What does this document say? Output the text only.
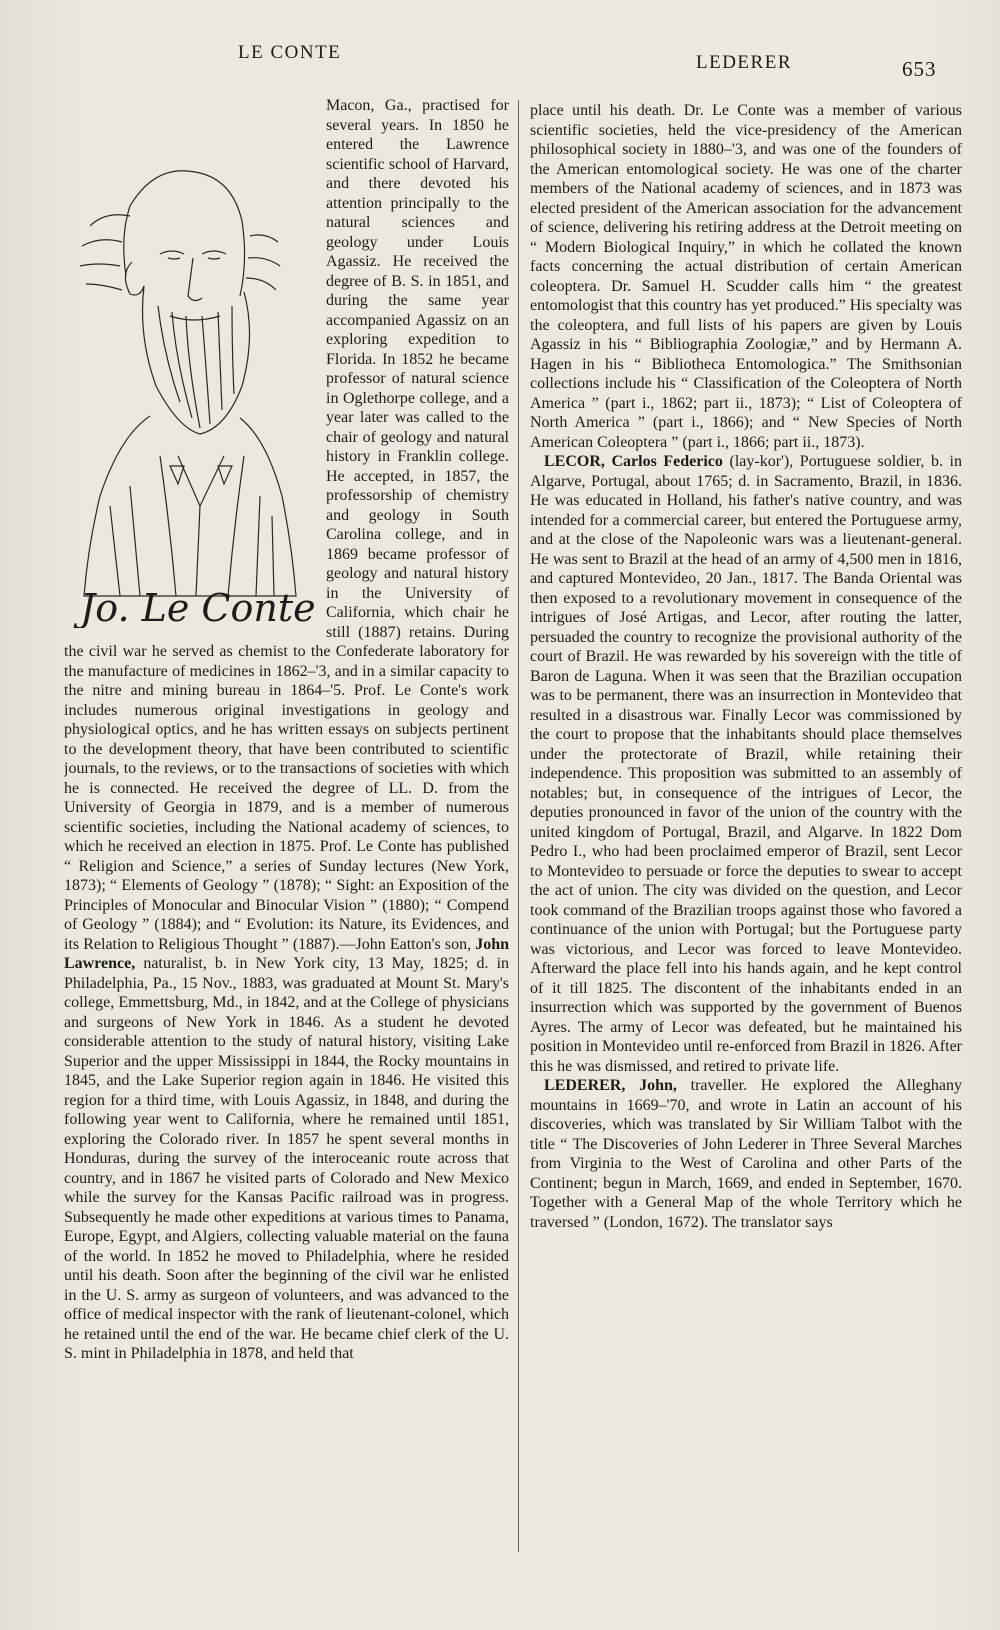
LE CONTE	LEDERER	653
Jo. Le Conte

Macon, Ga., practised for several years. In 1850 he entered the Lawrence scientific school of Harvard, and there devoted his attention principally to the natural sciences and geology under Louis Agassiz. He received the degree of B. S. in 1851, and during the same year accompanied Agassiz on an exploring expedition to Florida. In 1852 he became professor of natural science in Oglethorpe college, and a year later was called to the chair of geology and natural history in Franklin college. He accepted, in 1857, the professorship of chemistry and geology in South Carolina college, and in 1869 became professor of geology and natural history in the University of California, which chair he still (1887) retains. During the civil war he served as chemist to the Confederate laboratory for the manufacture of medicines in 1862–'3, and in a similar capacity to the nitre and mining bureau in 1864–'5. Prof. Le Conte's work includes numerous original investigations in geology and physiological optics, and he has written essays on subjects pertinent to the development theory, that have been contributed to scientific journals, to the reviews, or to the transactions of societies with which he is connected. He received the degree of LL. D. from the University of Georgia in 1879, and is a member of numerous scientific societies, including the National academy of sciences, to which he received an election in 1875. Prof. Le Conte has published “ Religion and Science,” a series of Sunday lectures (New York, 1873); “ Elements of Geology ” (1878); “ Sight: an Exposition of the Principles of Monocular and Binocular Vision ” (1880); “ Compend of Geology ” (1884); and “ Evolution: its Nature, its Evidences, and its Relation to Religious Thought ” (1887).—John Eatton's son, John Lawrence, naturalist, b. in New York city, 13 May, 1825; d. in Philadelphia, Pa., 15 Nov., 1883, was graduated at Mount St. Mary's college, Emmettsburg, Md., in 1842, and at the College of physicians and surgeons of New York in 1846. As a student he devoted considerable attention to the study of natural history, visiting Lake Superior and the upper Mississippi in 1844, the Rocky mountains in 1845, and the Lake Superior region again in 1846. He visited this region for a third time, with Louis Agassiz, in 1848, and during the following year went to California, where he remained until 1851, exploring the Colorado river. In 1857 he spent several months in Honduras, during the survey of the interoceanic route across that country, and in 1867 he visited parts of Colorado and New Mexico while the survey for the Kansas Pacific railroad was in progress. Subsequently he made other expeditions at various times to Panama, Europe, Egypt, and Algiers, collecting valuable material on the fauna of the world. In 1852 he moved to Philadelphia, where he resided until his death. Soon after the beginning of the civil war he enlisted in the U. S. army as surgeon of volunteers, and was advanced to the office of medical inspector with the rank of lieutenant-colonel, which he retained until the end of the war. He became chief clerk of the U. S. mint in Philadelphia in 1878, and held that

place until his death. Dr. Le Conte was a member of various scientific societies, held the vice-presidency of the American philosophical society in 1880–'3, and was one of the founders of the American entomological society. He was one of the charter members of the National academy of sciences, and in 1873 was elected president of the American association for the advancement of science, delivering his retiring address at the Detroit meeting on “ Modern Biological Inquiry,” in which he collated the known facts concerning the actual distribution of certain American coleoptera. Dr. Samuel H. Scudder calls him “ the greatest entomologist that this country has yet produced.” His specialty was the coleoptera, and full lists of his papers are given by Louis Agassiz in his “ Bibliographia Zoologiæ,” and by Hermann A. Hagen in his “ Bibliotheca Entomologica.” The Smithsonian collections include his “ Classification of the Coleoptera of North America ” (part i., 1862; part ii., 1873); “ List of Coleoptera of North America ” (part i., 1866); and “ New Species of North American Coleoptera ” (part i., 1866; part ii., 1873).

LECOR, Carlos Federico (lay-kor'), Portuguese soldier, b. in Algarve, Portugal, about 1765; d. in Sacramento, Brazil, in 1836. He was educated in Holland, his father's native country, and was intended for a commercial career, but entered the Portuguese army, and at the close of the Napoleonic wars was a lieutenant-general. He was sent to Brazil at the head of an army of 4,500 men in 1816, and captured Montevideo, 20 Jan., 1817. The Banda Oriental was then exposed to a revolutionary movement in consequence of the intrigues of José Artigas, and Lecor, after routing the latter, persuaded the country to recognize the provisional authority of the court of Brazil. He was rewarded by his sovereign with the title of Baron de Laguna. When it was seen that the Brazilian occupation was to be permanent, there was an insurrection in Montevideo that resulted in a disastrous war. Finally Lecor was commissioned by the court to propose that the inhabitants should place themselves under the protectorate of Brazil, while retaining their independence. This proposition was submitted to an assembly of notables; but, in consequence of the intrigues of Lecor, the deputies pronounced in favor of the union of the country with the united kingdom of Portugal, Brazil, and Algarve. In 1822 Dom Pedro I., who had been proclaimed emperor of Brazil, sent Lecor to Montevideo to persuade or force the deputies to swear to accept the act of union. The city was divided on the question, and Lecor took command of the Brazilian troops against those who favored a continuance of the union with Portugal; but the Portuguese party was victorious, and Lecor was forced to leave Montevideo. Afterward the place fell into his hands again, and he kept control of it till 1825. The discontent of the inhabitants ended in an insurrection which was supported by the government of Buenos Ayres. The army of Lecor was defeated, but he maintained his position in Montevideo until re-enforced from Brazil in 1826. After this he was dismissed, and retired to private life.

LEDERER, John, traveller. He explored the Alleghany mountains in 1669–'70, and wrote in Latin an account of his discoveries, which was translated by Sir William Talbot with the title “ The Discoveries of John Lederer in Three Several Marches from Virginia to the West of Carolina and other Parts of the Continent; begun in March, 1669, and ended in September, 1670. Together with a General Map of the whole Territory which he traversed ” (London, 1672). The translator says
